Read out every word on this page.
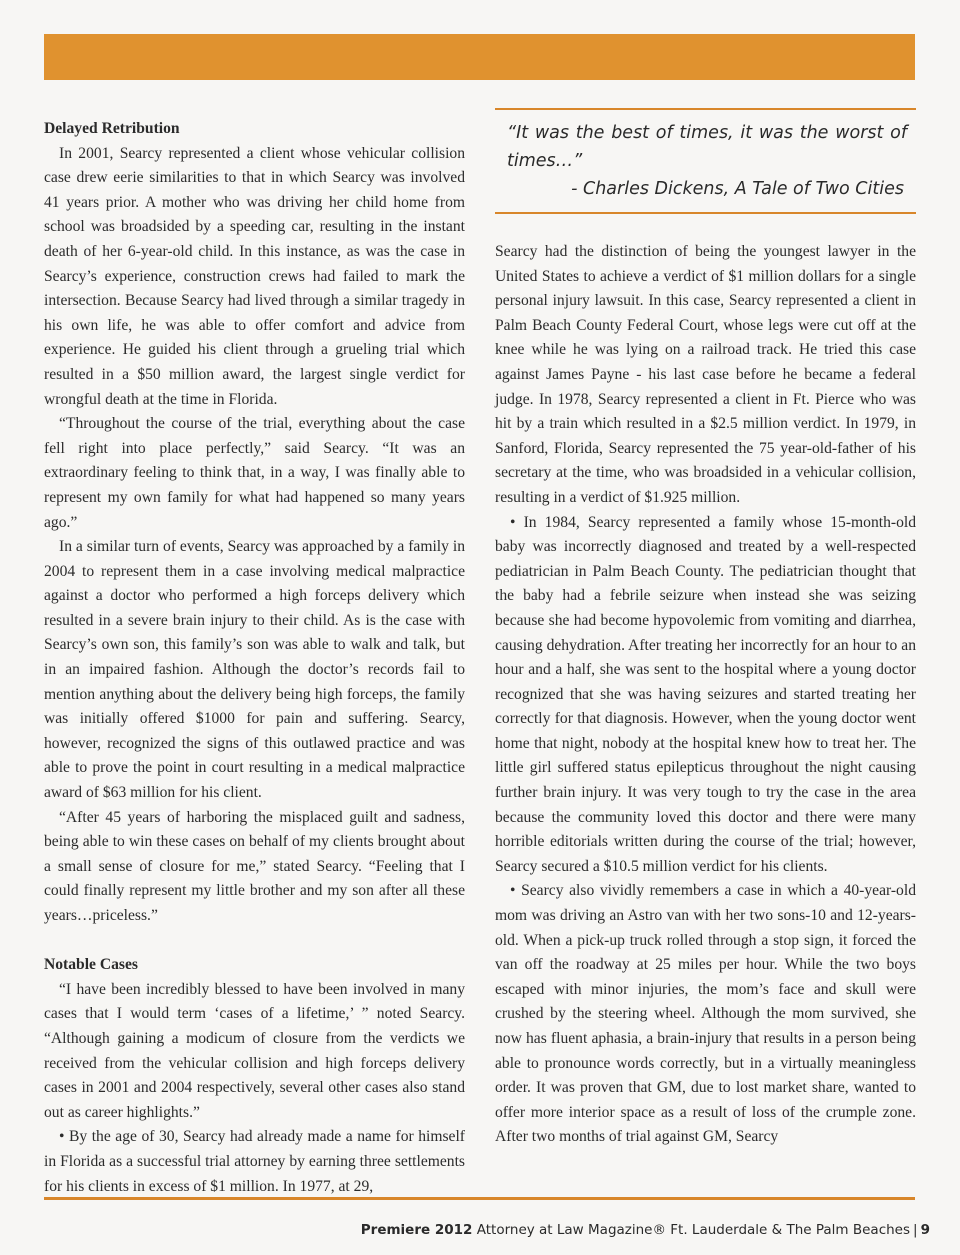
Delayed Retribution

In 2001, Searcy represented a client whose vehicular collision case drew eerie similarities to that in which Searcy was involved 41 years prior. A mother who was driving her child home from school was broadsided by a speeding car, resulting in the instant death of her 6-year-old child. In this instance, as was the case in Searcy’s experience, construction crews had failed to mark the intersection. Because Searcy had lived through a similar tragedy in his own life, he was able to offer comfort and advice from experience. He guided his client through a grueling trial which resulted in a $50 million award, the largest single verdict for wrongful death at the time in Florida.

“Throughout the course of the trial, everything about the case fell right into place perfectly,” said Searcy. “It was an extraordinary feeling to think that, in a way, I was finally able to represent my own family for what had happened so many years ago.”

In a similar turn of events, Searcy was approached by a family in 2004 to represent them in a case involving medical malpractice against a doctor who performed a high forceps delivery which resulted in a severe brain injury to their child. As is the case with Searcy’s own son, this family’s son was able to walk and talk, but in an impaired fashion. Although the doctor’s records fail to mention anything about the delivery being high forceps, the family was initially offered $1000 for pain and suffering. Searcy, however, recognized the signs of this outlawed practice and was able to prove the point in court resulting in a medical malpractice award of $63 million for his client.

“After 45 years of harboring the misplaced guilt and sadness, being able to win these cases on behalf of my clients brought about a small sense of closure for me,” stated Searcy. “Feeling that I could finally represent my little brother and my son after all these years…priceless.”

Notable Cases

“I have been incredibly blessed to have been involved in many cases that I would term ‘cases of a lifetime,’ ” noted Searcy. “Although gaining a modicum of closure from the verdicts we received from the vehicular collision and high forceps delivery cases in 2001 and 2004 respectively, several other cases also stand out as career highlights.”

• By the age of 30, Searcy had already made a name for himself in Florida as a successful trial attorney by earning three settlements for his clients in excess of $1 million. In 1977, at 29,

“It was the best of times, it was the worst of times…”
- Charles Dickens, A Tale of Two Cities

Searcy had the distinction of being the youngest lawyer in the United States to achieve a verdict of $1 million dollars for a single personal injury lawsuit. In this case, Searcy represented a client in Palm Beach County Federal Court, whose legs were cut off at the knee while he was lying on a railroad track. He tried this case against James Payne - his last case before he became a federal judge. In 1978, Searcy represented a client in Ft. Pierce who was hit by a train which resulted in a $2.5 million verdict. In 1979, in Sanford, Florida, Searcy represented the 75 year-old-father of his secretary at the time, who was broadsided in a vehicular collision, resulting in a verdict of $1.925 million.

• In 1984, Searcy represented a family whose 15-month-old baby was incorrectly diagnosed and treated by a well-respected pediatrician in Palm Beach County. The pediatrician thought that the baby had a febrile seizure when instead she was seizing because she had become hypovolemic from vomiting and diarrhea, causing dehydration. After treating her incorrectly for an hour to an hour and a half, she was sent to the hospital where a young doctor recognized that she was having seizures and started treating her correctly for that diagnosis. However, when the young doctor went home that night, nobody at the hospital knew how to treat her. The little girl suffered status epilepticus throughout the night causing further brain injury. It was very tough to try the case in the area because the community loved this doctor and there were many horrible editorials written during the course of the trial; however, Searcy secured a $10.5 million verdict for his clients.

• Searcy also vividly remembers a case in which a 40-year-old mom was driving an Astro van with her two sons-10 and 12-years-old. When a pick-up truck rolled through a stop sign, it forced the van off the roadway at 25 miles per hour. While the two boys escaped with minor injuries, the mom’s face and skull were crushed by the steering wheel. Although the mom survived, she now has fluent aphasia, a brain-injury that results in a person being able to pronounce words correctly, but in a virtually meaningless order. It was proven that GM, due to lost market share, wanted to offer more interior space as a result of loss of the crumple zone. After two months of trial against GM, Searcy

Premiere 2012 Attorney at Law Magazine® Ft. Lauderdale & The Palm Beaches | 9
